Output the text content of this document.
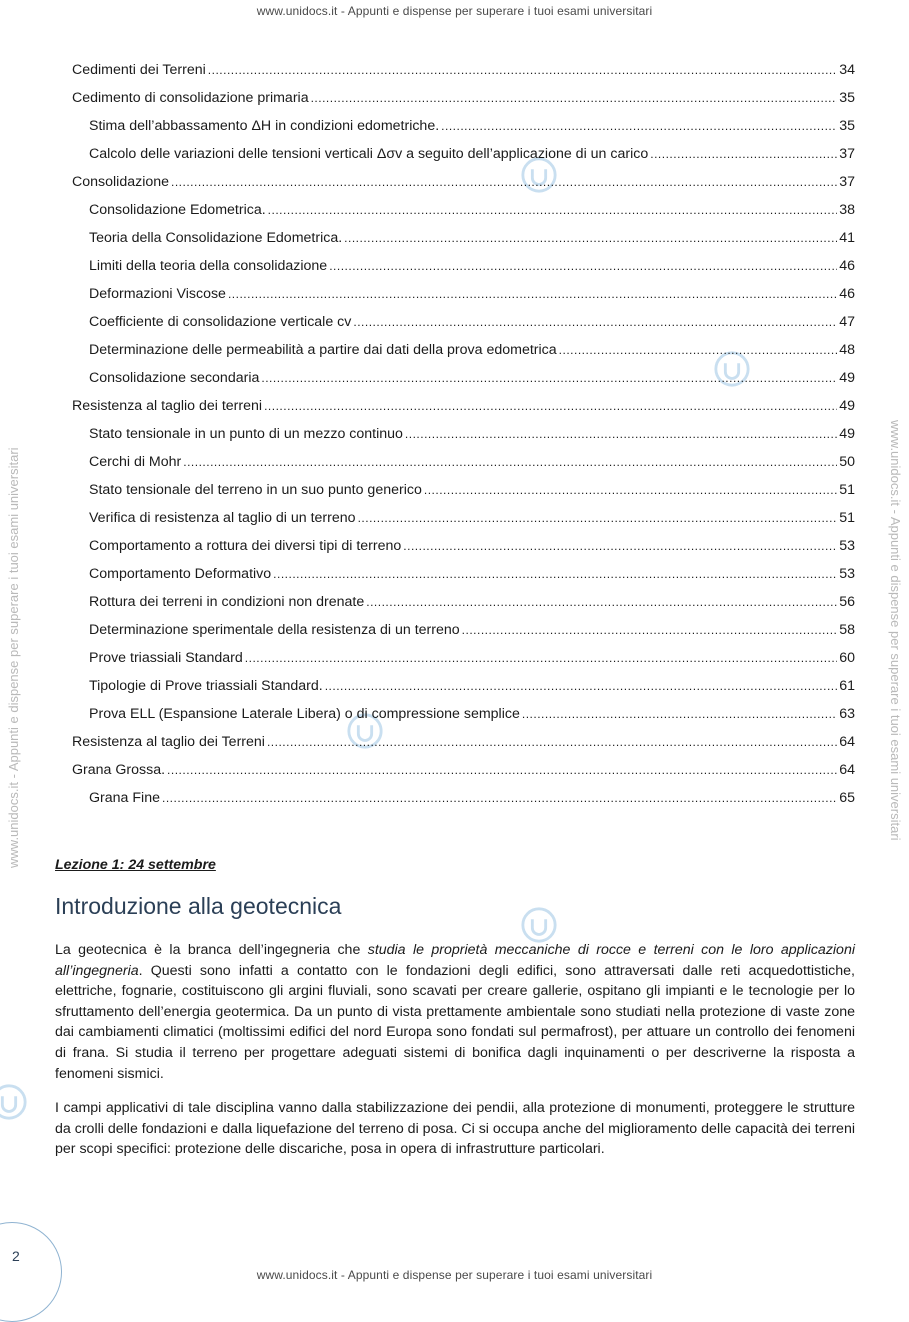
www.unidocs.it - Appunti e dispense per superare i tuoi esami universitari
www.unidocs.it - Appunti e dispense per superare i tuoi esami universitari
www.unidocs.it - Appunti e dispense per superare i tuoi esami universitari	www.unidocs.it - Appunti e dispense per superare i tuoi esami universitari
Cedimenti dei Terreni .....	34
Cedimento di consolidazione primaria .....	35
Stima dell’abbassamento ΔH in condizioni edometriche. .....	35
Calcolo delle variazioni delle tensioni verticali Δσv a seguito dell’applicazione di un carico .....	37
Consolidazione .....	37
Consolidazione Edometrica. .....	38
Teoria della Consolidazione Edometrica. .....	41
Limiti della teoria della consolidazione .....	46
Deformazioni Viscose .....	46
Coefficiente di consolidazione verticale cv .....	47
Determinazione delle permeabilità a partire dai dati della prova edometrica .....	48
Consolidazione secondaria .....	49
Resistenza al taglio dei terreni .....	49
Stato tensionale in un punto di un mezzo continuo .....	49
Cerchi di Mohr .....	50
Stato tensionale del terreno in un suo punto generico .....	51
Verifica di resistenza al taglio di un terreno .....	51
Comportamento a rottura dei diversi tipi di terreno .....	53
Comportamento Deformativo .....	53
Rottura dei terreni in condizioni non drenate .....	56
Determinazione sperimentale della resistenza di un terreno .....	58
Prove triassiali Standard .....	60
Tipologie di Prove triassiali Standard. .....	61
Prova ELL (Espansione Laterale Libera) o di compressione semplice .....	63
Resistenza al taglio dei Terreni .....	64
Grana Grossa. .....	64
Grana Fine .....	65
Lezione 1: 24 settembre
Introduzione alla geotecnica

La geotecnica è la branca dell’ingegneria che studia le proprietà meccaniche di rocce e terreni con le loro applicazioni all’ingegneria. Questi sono infatti a contatto con le fondazioni degli edifici, sono attraversati dalle reti acquedottistiche, elettriche, fognarie, costituiscono gli argini fluviali, sono scavati per creare gallerie, ospitano gli impianti e le tecnologie per lo sfruttamento dell’energia geotermica. Da un punto di vista prettamente ambientale sono studiati nella protezione di vaste zone dai cambiamenti climatici (moltissimi edifici del nord Europa sono fondati sul permafrost), per attuare un controllo dei fenomeni di frana. Si studia il terreno per progettare adeguati sistemi di bonifica dagli inquinamenti o per descriverne la risposta a fenomeni sismici.

I campi applicativi di tale disciplina vanno dalla stabilizzazione dei pendii, alla protezione di monumenti, proteggere le strutture da crolli delle fondazioni e dalla liquefazione del terreno di posa. Ci si occupa anche del miglioramento delle capacità dei terreni per scopi specifici: protezione delle discariche, posa in opera di infrastrutture particolari.

2
